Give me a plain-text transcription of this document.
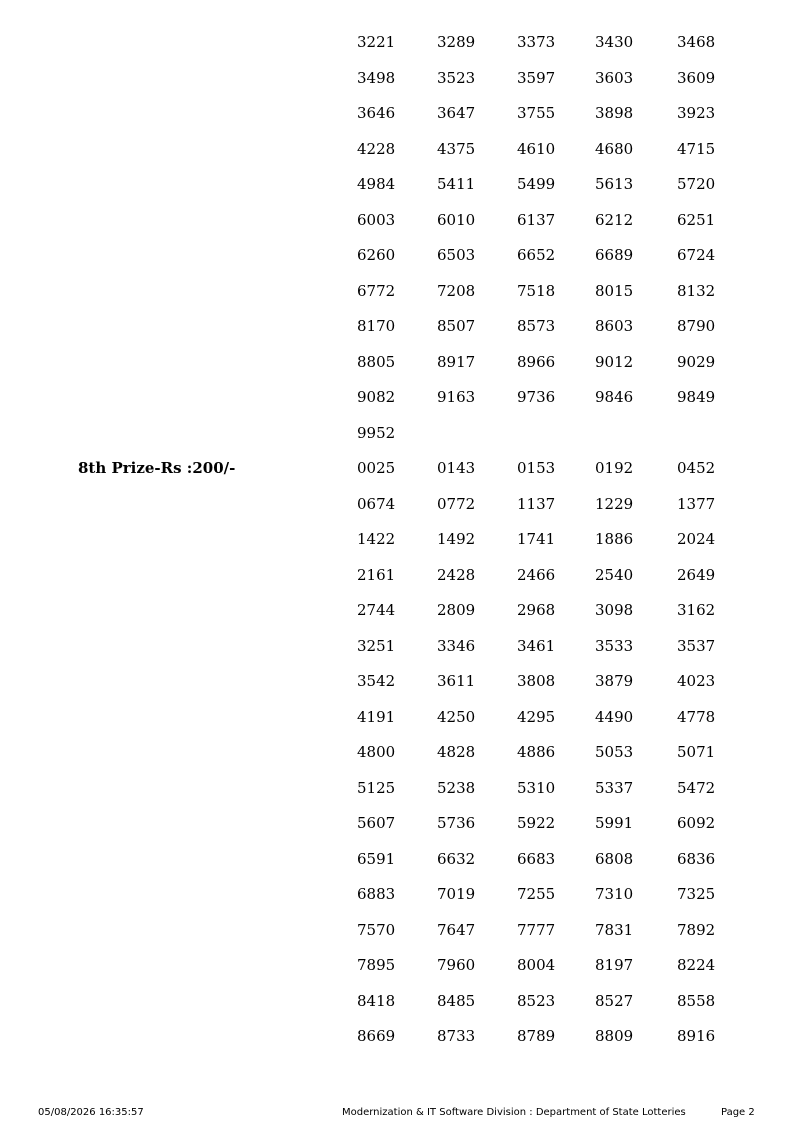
3221	3289	3373	3430	3468
3498	3523	3597	3603	3609
3646	3647	3755	3898	3923
4228	4375	4610	4680	4715
4984	5411	5499	5613	5720
6003	6010	6137	6212	6251
6260	6503	6652	6689	6724
6772	7208	7518	8015	8132
8170	8507	8573	8603	8790
8805	8917	8966	9012	9029
9082	9163	9736	9846	9849
9952
8th Prize-Rs :200/-	0025	0143	0153	0192	0452
0674	0772	1137	1229	1377
1422	1492	1741	1886	2024
2161	2428	2466	2540	2649
2744	2809	2968	3098	3162
3251	3346	3461	3533	3537
3542	3611	3808	3879	4023
4191	4250	4295	4490	4778
4800	4828	4886	5053	5071
5125	5238	5310	5337	5472
5607	5736	5922	5991	6092
6591	6632	6683	6808	6836
6883	7019	7255	7310	7325
7570	7647	7777	7831	7892
7895	7960	8004	8197	8224
8418	8485	8523	8527	8558
8669	8733	8789	8809	8916
05/08/2026 16:35:57	Modernization & IT Software Division : Department of State Lotteries	Page 2
